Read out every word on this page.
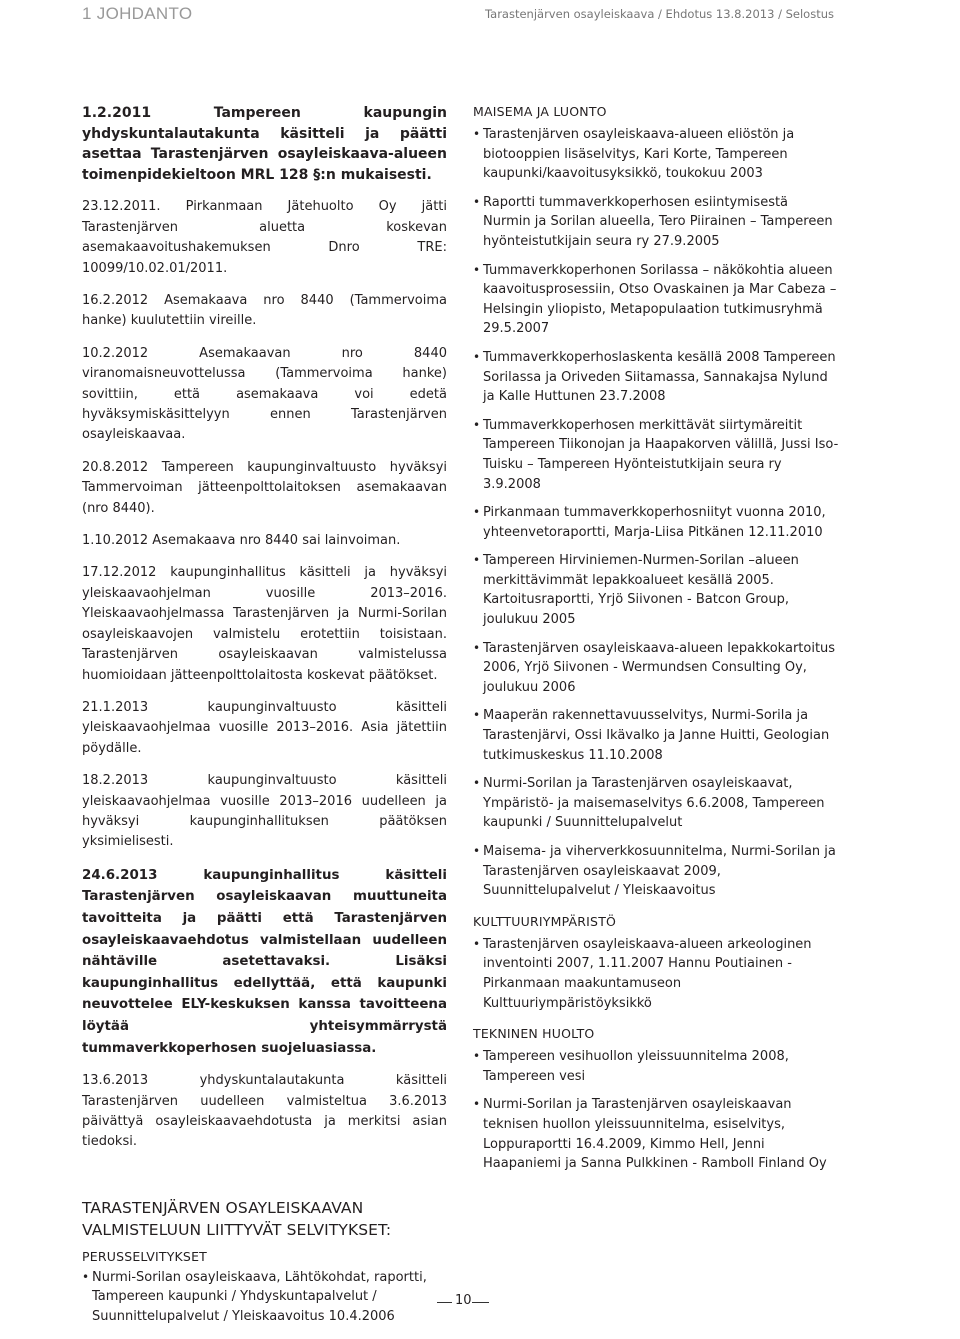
1 JOHDANTO	Tarastenjärven osayleiskaava / Ehdotus 13.8.2013 / Selostus

1.2.2011 Tampereen kaupungin yhdyskuntalautakunta käsitteli ja päätti asettaa Tarastenjärven osayleiskaava-alueen toimenpidekieltoon MRL 128 §:n mukaisesti.

23.12.2011. Pirkanmaan Jätehuolto Oy jätti Tarastenjärven aluetta koskevan asemakaavoitushakemuksen Dnro TRE: 10099/10.02.01/2011.

16.2.2012 Asemakaava nro 8440 (Tammervoima hanke) kuulutettiin vireille.

10.2.2012 Asemakaavan nro 8440 viranomaisneuvottelussa (Tammervoima hanke) sovittiin, että asemakaava voi edetä hyväksymiskäsittelyyn ennen Tarastenjärven osayleiskaavaa.

20.8.2012 Tampereen kaupunginvaltuusto hyväksyi Tammervoiman jätteenpolttolaitoksen asemakaavan (nro 8440).

1.10.2012 Asemakaava nro 8440 sai lainvoiman.

17.12.2012 kaupunginhallitus käsitteli ja hyväksyi yleiskaavaohjelman vuosille 2013–2016. Yleiskaavaohjelmassa Tarastenjärven ja Nurmi-Sorilan osayleiskaavojen valmistelu erotettiin toisistaan. Tarastenjärven osayleiskaavan valmistelussa huomioidaan jätteenpolttolaitosta koskevat päätökset.

21.1.2013 kaupunginvaltuusto käsitteli yleiskaavaohjelmaa vuosille 2013–2016. Asia jätettiin pöydälle.

18.2.2013 kaupunginvaltuusto käsitteli yleiskaavaohjelmaa vuosille 2013–2016 uudelleen ja hyväksyi kaupunginhallituksen päätöksen yksimielisesti.

24.6.2013 kaupunginhallitus käsitteli Tarastenjärven osayleiskaavan muuttuneita tavoitteita ja päätti että Tarastenjärven osayleiskaavaehdotus valmistellaan uudelleen nähtäville asetettavaksi. Lisäksi kaupunginhallitus edellyttää, että kaupunki neuvottelee ELY-keskuksen kanssa tavoitteena löytää yhteisymmärrystä tummaverkkoperhosen suojeluasiassa.

13.6.2013 yhdyskuntalautakunta käsitteli Tarastenjärven uudelleen valmisteltua 3.6.2013 päivättyä osayleiskaavaehdotusta ja merkitsi asian tiedoksi.

TARASTENJÄRVEN OSAYLEISKAAVAN VALMISTELUUN LIITTYVÄT SELVITYKSET:
PERUSSELVITYKSET
• Nurmi-Sorilan osayleiskaava, Lähtökohdat, raportti, Tampereen kaupunki / Yhdyskuntapalvelut / Suunnittelupalvelut / Yleiskaavoitus 10.4.2006
MAISEMA JA LUONTO
• Tarastenjärven osayleiskaava-alueen eliöstön ja biotooppien lisäselvitys, Kari Korte, Tampereen kaupunki/kaavoitusyksikkö, toukokuu 2003
• Raportti tummaverkkoperhosen esiintymisestä Nurmin ja Sorilan alueella, Tero Piirainen – Tampereen hyönteistutkijain seura ry 27.9.2005
• Tummaverkkoperhonen Sorilassa – näkökohtia alueen kaavoitusprosessiin, Otso Ovaskainen ja Mar Cabeza – Helsingin yliopisto, Metapopulaation tutkimusryhmä 29.5.2007
• Tummaverkkoperhoslaskenta kesällä 2008 Tampereen Sorilassa ja Oriveden Siitamassa, Sannakajsa Nylund ja Kalle Huttunen 23.7.2008
• Tummaverkkoperhosen merkittävät siirtymäreitit Tampereen Tiikonojan ja Haapakorven välillä, Jussi Iso-Tuisku – Tampereen Hyönteistutkijain seura ry 3.9.2008
• Pirkanmaan tummaverkkoperhosniityt vuonna 2010, yhteenvetoraportti, Marja-Liisa Pitkänen 12.11.2010
• Tampereen Hirviniemen-Nurmen-Sorilan –alueen merkittävimmät lepakkoalueet kesällä 2005. Kartoitusraportti, Yrjö Siivonen - Batcon Group, joulukuu 2005
• Tarastenjärven osayleiskaava-alueen lepakkokartoitus 2006, Yrjö Siivonen - Wermundsen Consulting Oy, joulukuu 2006
• Maaperän rakennettavuusselvitys, Nurmi-Sorila ja Tarastenjärvi, Ossi Ikävalko ja Janne Huitti, Geologian tutkimuskeskus 11.10.2008
• Nurmi-Sorilan ja Tarastenjärven osayleiskaavat, Ympäristö- ja maisemaselvitys 6.6.2008, Tampereen kaupunki / Suunnittelupalvelut
• Maisema- ja viherverkkosuunnitelma, Nurmi-Sorilan ja Tarastenjärven osayleiskaavat 2009, Suunnittelupalvelut / Yleiskaavoitus
KULTTUURIYMPÄRISTÖ
• Tarastenjärven osayleiskaava-alueen arkeologinen inventointi 2007, 1.11.2007 Hannu Poutiainen - Pirkanmaan maakuntamuseon Kulttuuriympäristöyksikkö
TEKNINEN HUOLTO
• Tampereen vesihuollon yleissuunnitelma 2008, Tampereen vesi
• Nurmi-Sorilan ja Tarastenjärven osayleiskaavan teknisen huollon yleissuunnitelma, esiselvitys, Loppuraportti 16.4.2009, Kimmo Hell, Jenni Haapaniemi ja Sanna Pulkkinen - Ramboll Finland Oy
10
